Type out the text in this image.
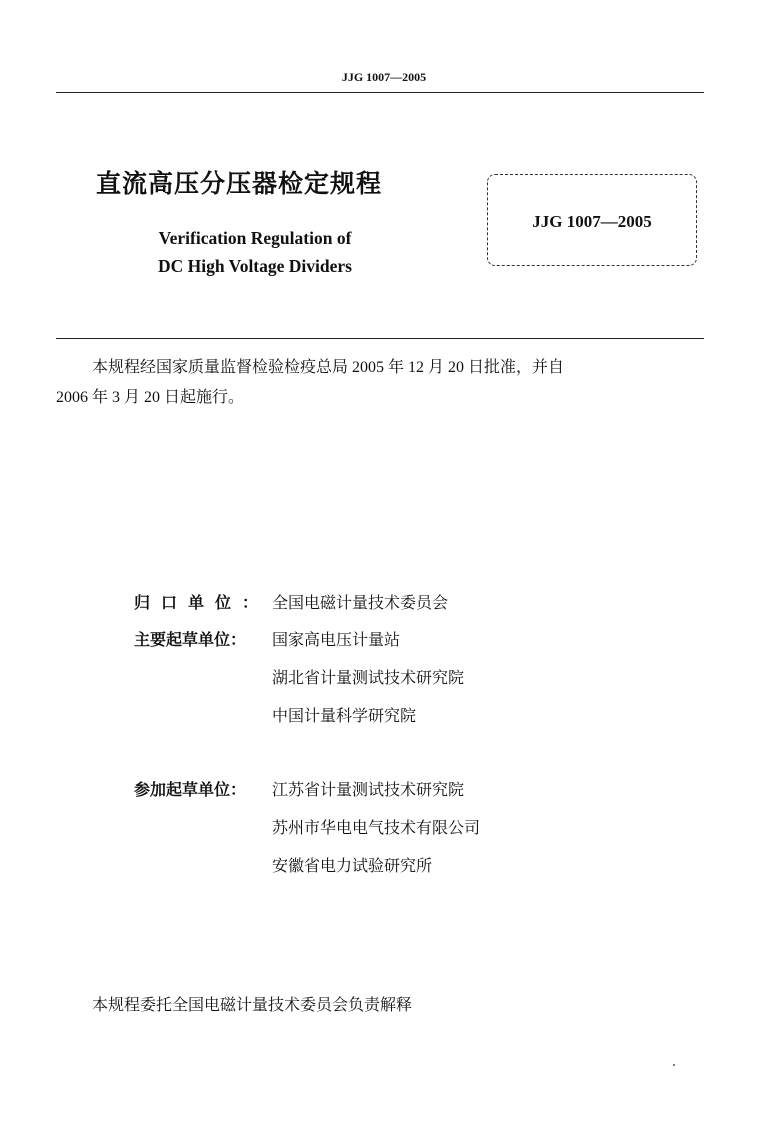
JJG 1007—2005
直流高压分压器检定规程
Verification Regulation of
DC High Voltage Dividers
JJG 1007—2005
本规程经国家质量监督检验检疫总局 2005 年 12 月 20 日批准，并自
2006 年 3 月 20 日起施行。
归口单位： 全国电磁计量技术委员会
主要起草单位：	国家高电压计量站
湖北省计量测试技术研究院
中国计量科学研究院
参加起草单位：	江苏省计量测试技术研究院
苏州市华电电气技术有限公司
安徽省电力试验研究所
本规程委托全国电磁计量技术委员会负责解释
